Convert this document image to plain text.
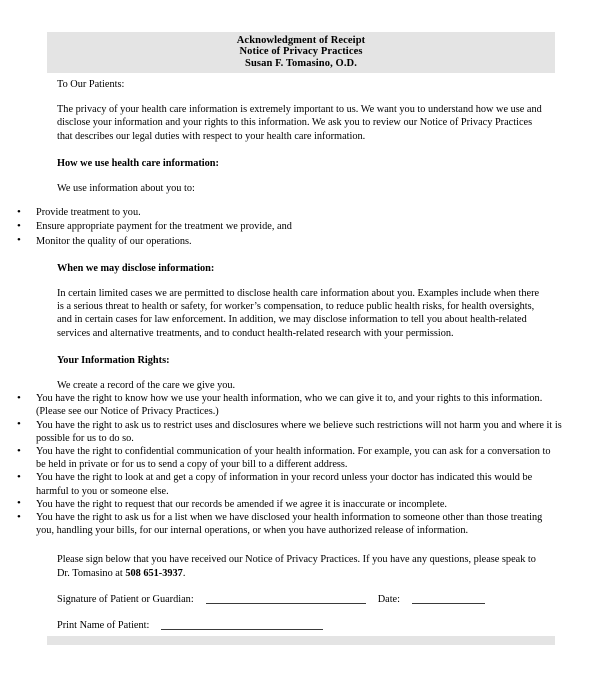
Acknowledgment of Receipt
Notice of Privacy Practices
Susan F. Tomasino, O.D.
To Our Patients:
The privacy of your health care information is extremely important to us. We want you to understand how we use and disclose your information and your rights to this information. We ask you to review our Notice of Privacy Practices that describes our legal duties with respect to your health care information.
How we use health care information:
We use information about you to:
• Provide treatment to you.
• Ensure appropriate payment for the treatment we provide, and
• Monitor the quality of our operations.
When we may disclose information:
In certain limited cases we are permitted to disclose health care information about you. Examples include when there is a serious threat to health or safety, for worker’s compensation, to reduce public health risks, for health oversights, and in certain cases for law enforcement. In addition, we may disclose information to tell you about health-related services and alternative treatments, and to conduct health-related research with your permission.
Your Information Rights:
We create a record of the care we give you.
• You have the right to know how we use your health information, who we can give it to, and your rights to this information. (Please see our Notice of Privacy Practices.)
• You have the right to ask us to restrict uses and disclosures where we believe such restrictions will not harm you and where it is possible for us to do so.
• You have the right to confidential communication of your health information. For example, you can ask for a conversation to be held in private or for us to send a copy of your bill to a different address.
• You have the right to look at and get a copy of information in your record unless your doctor has indicated this would be harmful to you or someone else.
• You have the right to request that our records be amended if we agree it is inaccurate or incomplete.
• You have the right to ask us for a list when we have disclosed your health information to someone other than those treating you, handling your bills, for our internal operations, or when you have authorized release of information.
Please sign below that you have received our Notice of Privacy Practices. If you have any questions, please speak to Dr. Tomasino at 508 651-3937.
Signature of Patient or Guardian:	Date:
Print Name of Patient:
